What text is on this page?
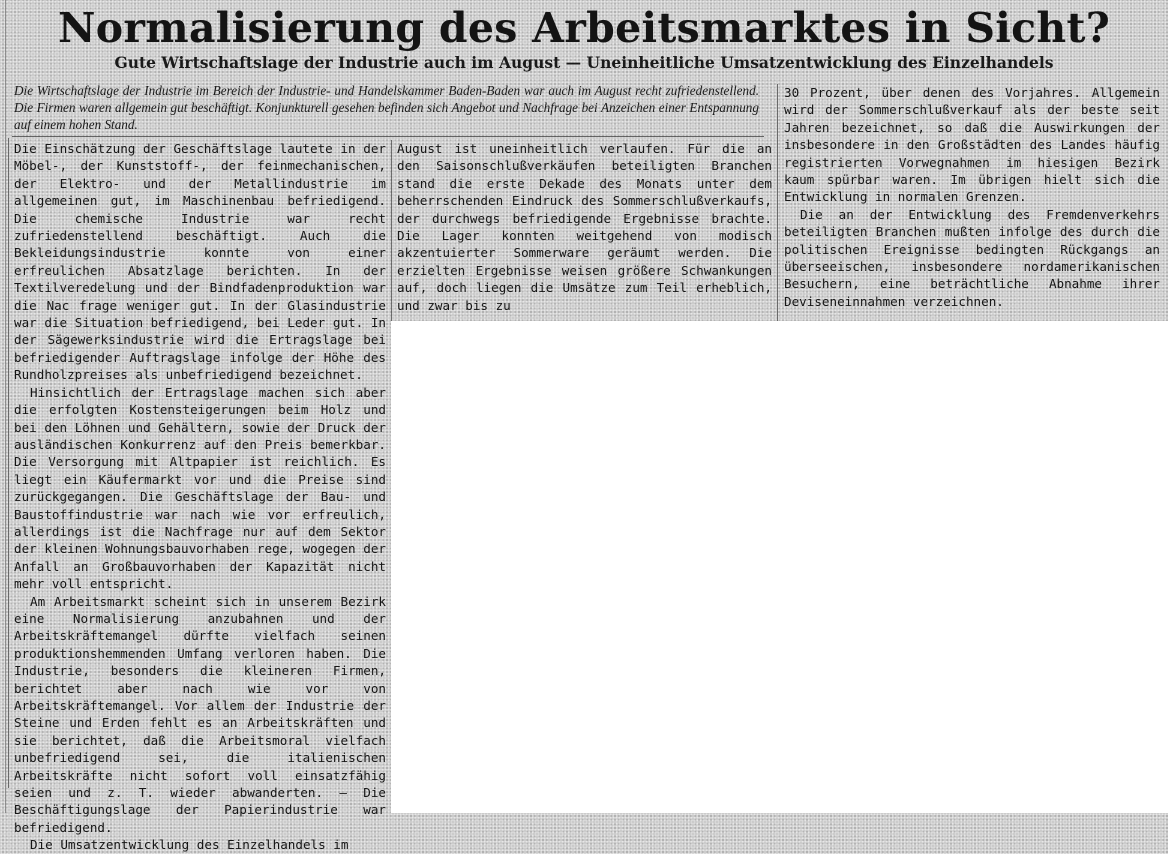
Normalisierung des Arbeitsmarktes in Sicht?
Gute Wirtschaftslage der Industrie auch im August — Uneinheitliche Umsatzentwicklung des Einzelhandels
Die Wirtschaftslage der Industrie im Bereich der Industrie- und Handelskammer Baden-Baden war auch im August recht zufriedenstellend. Die Firmen waren allgemein gut beschäftigt. Konjunkturell gesehen befinden sich Angebot und Nachfrage bei Anzeichen einer Entspannung auf einem hohen Stand.

Die Einschätzung der Geschäftslage lautete in der Möbel-, der Kunststoff-, der feinmechanischen, der Elektro- und der Metallindustrie im allgemeinen gut, im Maschinenbau befriedigend. Die chemische Industrie war recht zufriedenstellend beschäftigt. Auch die Bekleidungsindustrie konnte von einer erfreulichen Absatzlage berichten. In der Textilveredelung und der Bindfadenproduktion war die Nac frage weniger gut. In der Glasindustrie war die Situation befriedigend, bei Leder gut. In der Sägewerksindustrie wird die Ertragslage bei befriedigender Auftragslage infolge der Höhe des Rundholzpreises als unbefriedigend bezeichnet.

Hinsichtlich der Ertragslage machen sich aber die erfolgten Kostensteigerungen beim Holz und bei den Löhnen und Gehältern, sowie der Druck der ausländischen Konkurrenz auf den Preis bemerkbar. Die Versorgung mit Altpapier ist reichlich. Es liegt ein Käufermarkt vor und die Preise sind zurückgegangen. Die Geschäftslage der Bau- und Baustoffindustrie war nach wie vor erfreulich, allerdings ist die Nachfrage nur auf dem Sektor der kleinen Wohnungsbauvorhaben rege, wogegen der Anfall an Großbauvorhaben der Kapazität nicht mehr voll entspricht.

Am Arbeitsmarkt scheint sich in unserem Bezirk eine Normalisierung anzubahnen und der Arbeitskräftemangel dürfte vielfach seinen produktionshemmenden Umfang verloren haben. Die Industrie, besonders die kleineren Firmen, berichtet aber nach wie vor von Arbeitskräftemangel. Vor allem der Industrie der Steine und Erden fehlt es an Arbeitskräften und sie berichtet, daß die Arbeitsmoral vielfach unbefriedigend sei, die italienischen Arbeitskräfte nicht sofort voll einsatzfähig seien und z. T. wieder abwanderten. — Die Beschäftigungslage der Papierindustrie war befriedigend.

Die Umsatzentwicklung des Einzelhandels im

August ist uneinheitlich verlaufen. Für die an den Saisonschlußverkäufen beteiligten Branchen stand die erste Dekade des Monats unter dem beherrschenden Eindruck des Sommerschlußverkaufs, der durchwegs befriedigende Ergebnisse brachte. Die Lager konnten weitgehend von modisch akzentuierter Sommerware geräumt werden. Die erzielten Ergebnisse weisen größere Schwankungen auf, doch liegen die Umsätze zum Teil erheblich, und zwar bis zu

30 Prozent, über denen des Vorjahres. Allgemein wird der Sommerschlußverkauf als der beste seit Jahren bezeichnet, so daß die Auswirkungen der insbesondere in den Großstädten des Landes häufig registrierten Vorwegnahmen im hiesigen Bezirk kaum spürbar waren. Im übrigen hielt sich die Entwicklung in normalen Grenzen.

Die an der Entwicklung des Fremdenverkehrs beteiligten Branchen mußten infolge des durch die politischen Ereignisse bedingten Rückgangs an überseeischen, insbesondere nordamerikanischen Besuchern, eine beträchtliche Abnahme ihrer Deviseneinnahmen verzeichnen.
